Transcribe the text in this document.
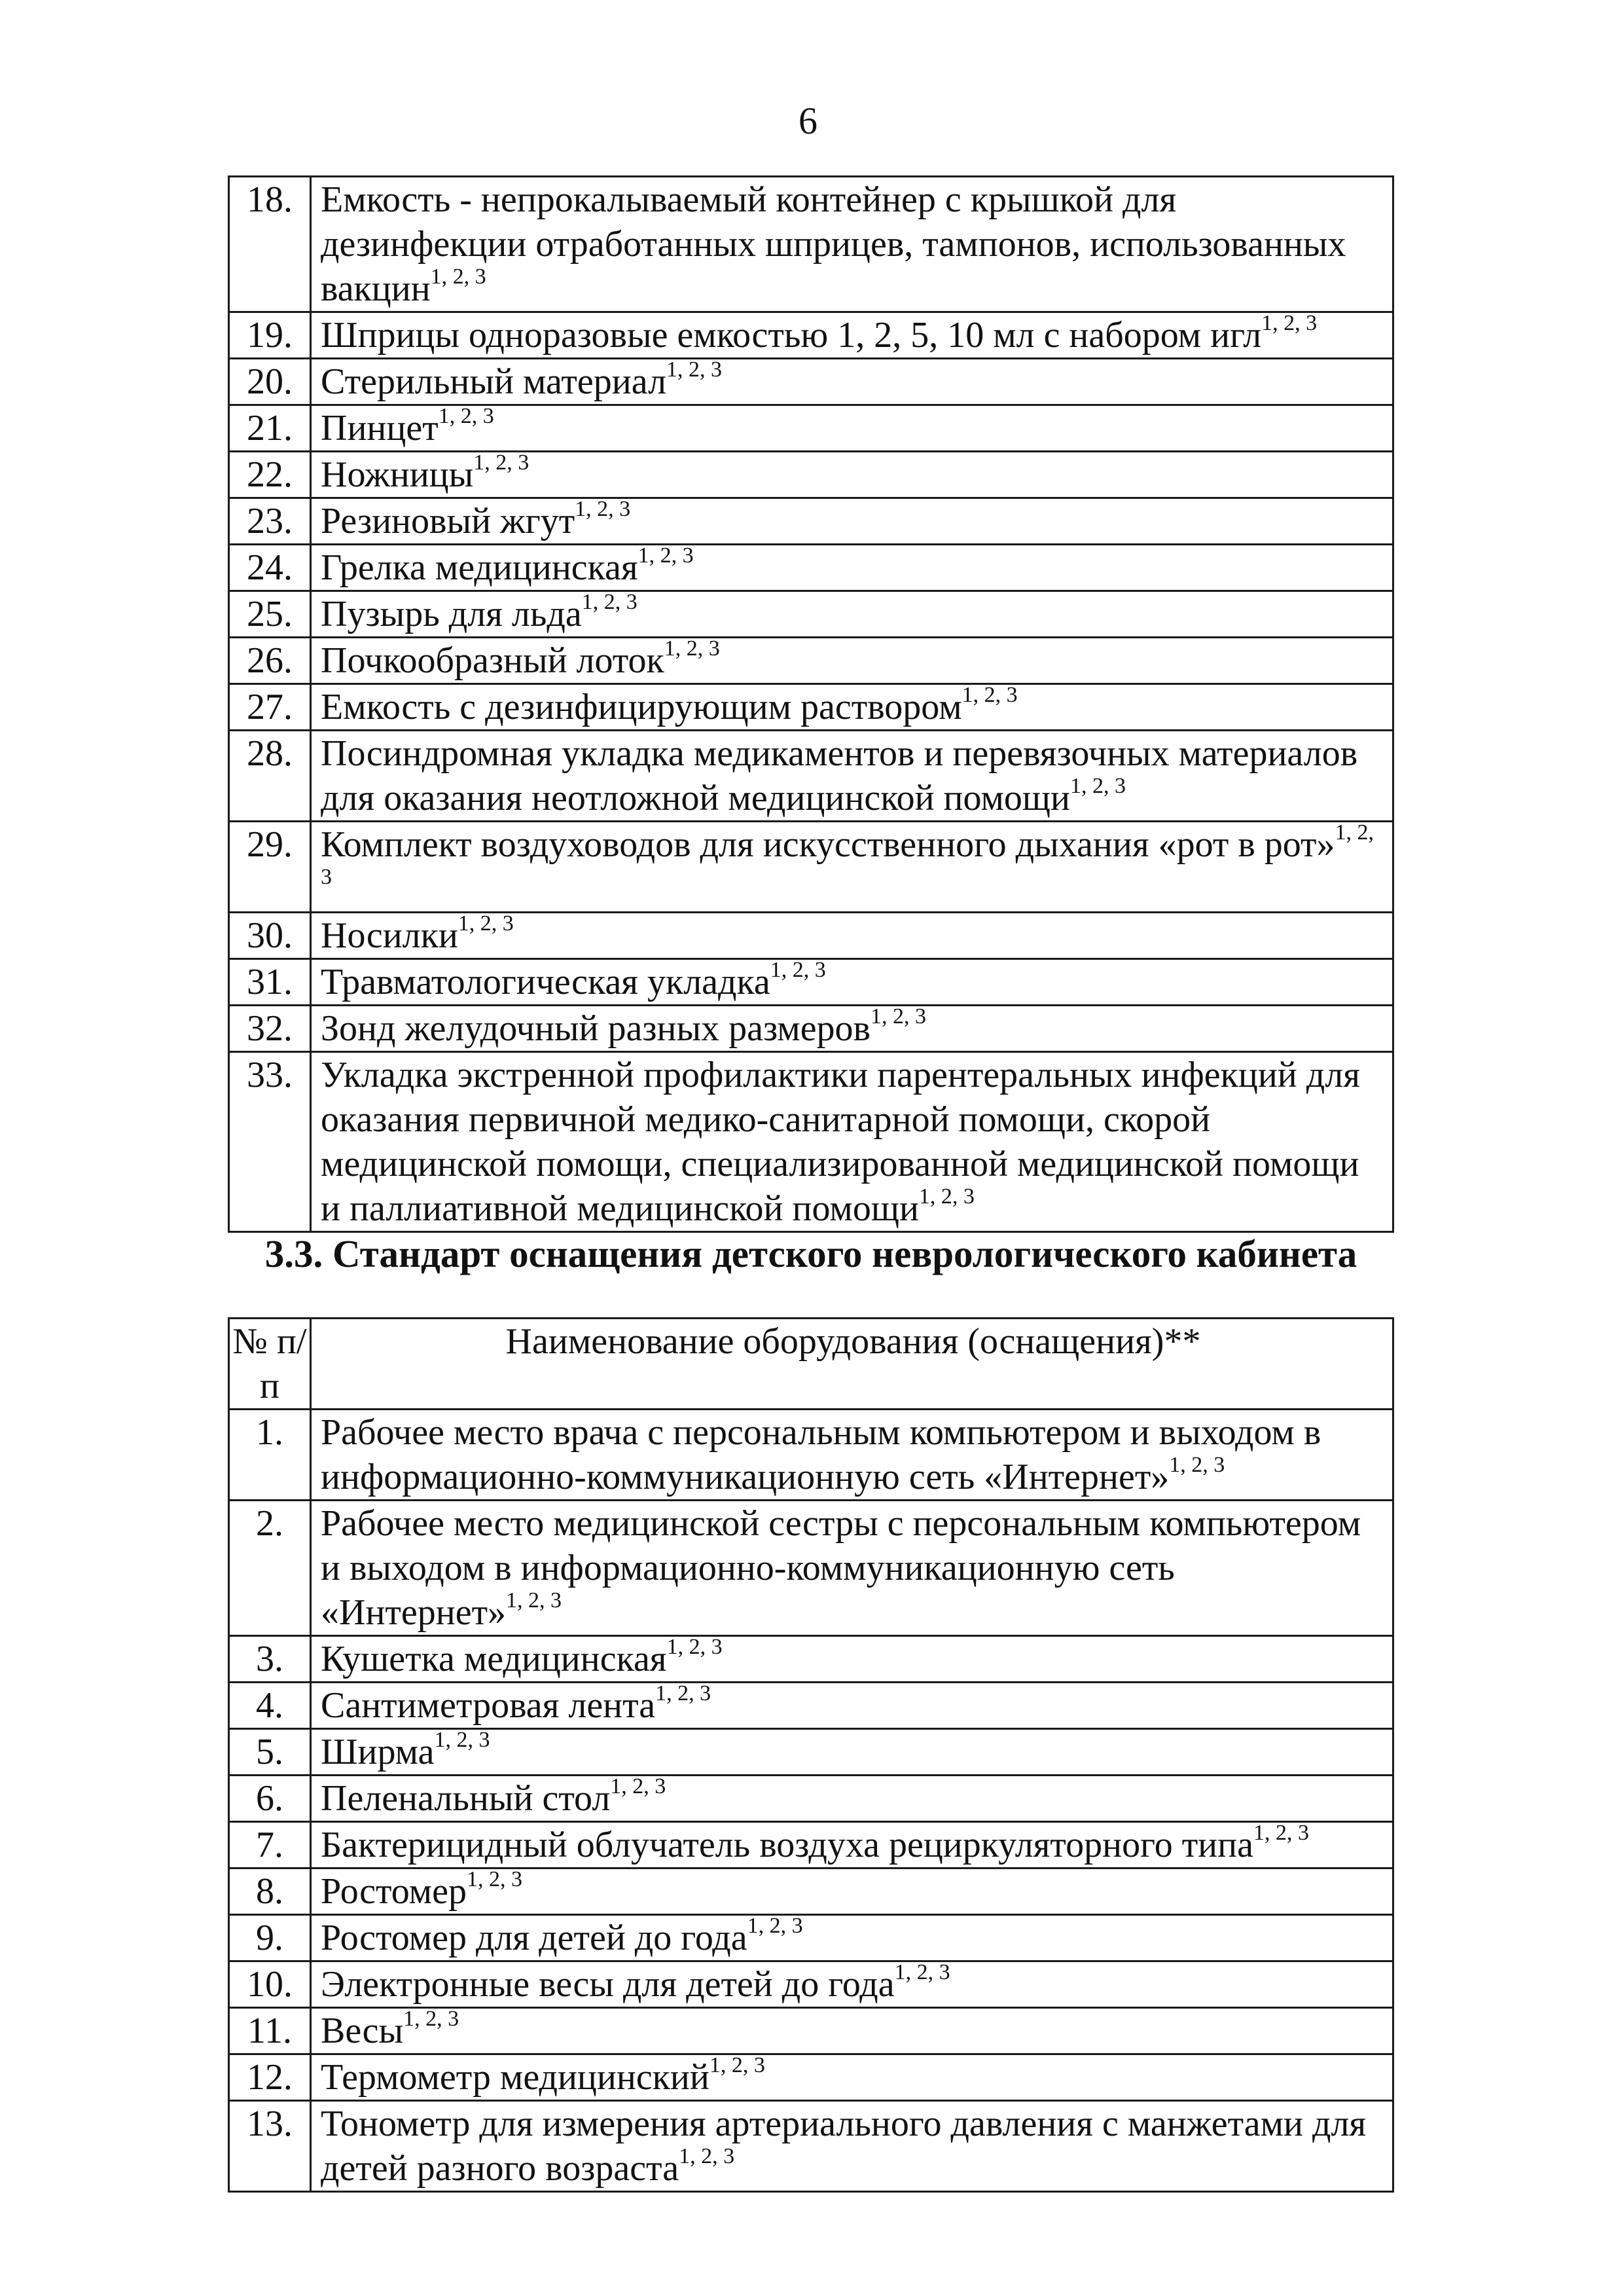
6
18.	Емкость - непрокалываемый контейнер с крышкой для дезинфекции отработанных шприцев, тампонов, использованных вакцин$^{1, 2, 3}$
19.	Шприцы одноразовые емкостью 1, 2, 5, 10 мл с набором игл$^{1, 2, 3}$
20.	Стерильный материал$^{1, 2, 3}$
21.	Пинцет$^{1, 2, 3}$
22.	Ножницы$^{1, 2, 3}$
23.	Резиновый жгут$^{1, 2, 3}$
24.	Грелка медицинская$^{1, 2, 3}$
25.	Пузырь для льда$^{1, 2, 3}$
26.	Почкообразный лоток$^{1, 2, 3}$
27.	Емкость с дезинфицирующим раствором$^{1, 2, 3}$
28.	Посиндромная укладка медикаментов и перевязочных материалов для оказания неотложной медицинской помощи$^{1, 2, 3}$
29.	Комплект воздуховодов для искусственного дыхания «рот в рот»$^{1, 2, 3}$
30.	Носилки$^{1, 2, 3}$
31.	Травматологическая укладка$^{1, 2, 3}$
32.	Зонд желудочный разных размеров$^{1, 2, 3}$
33.	Укладка экстренной профилактики парентеральных инфекций для оказания первичной медико-санитарной помощи, скорой медицинской помощи, специализированной медицинской помощи и паллиативной медицинской помощи$^{1, 2, 3}$
3.3. Стандарт оснащения детского неврологического кабинета
№ п/п	Наименование оборудования (оснащения)**
1.	Рабочее место врача с персональным компьютером и выходом в информационно-коммуникационную сеть «Интернет»$^{1, 2, 3}$
2.	Рабочее место медицинской сестры с персональным компьютером и выходом в информационно-коммуникационную сеть «Интернет»$^{1, 2, 3}$
3.	Кушетка медицинская$^{1, 2, 3}$
4.	Сантиметровая лента$^{1, 2, 3}$
5.	Ширма$^{1, 2, 3}$
6.	Пеленальный стол$^{1, 2, 3}$
7.	Бактерицидный облучатель воздуха рециркуляторного типа$^{1, 2, 3}$
8.	Ростомер$^{1, 2, 3}$
9.	Ростомер для детей до года$^{1, 2, 3}$
10.	Электронные весы для детей до года$^{1, 2, 3}$
11.	Весы$^{1, 2, 3}$
12.	Термометр медицинский$^{1, 2, 3}$
13.	Тонометр для измерения артериального давления с манжетами для детей разного возраста$^{1, 2, 3}$
